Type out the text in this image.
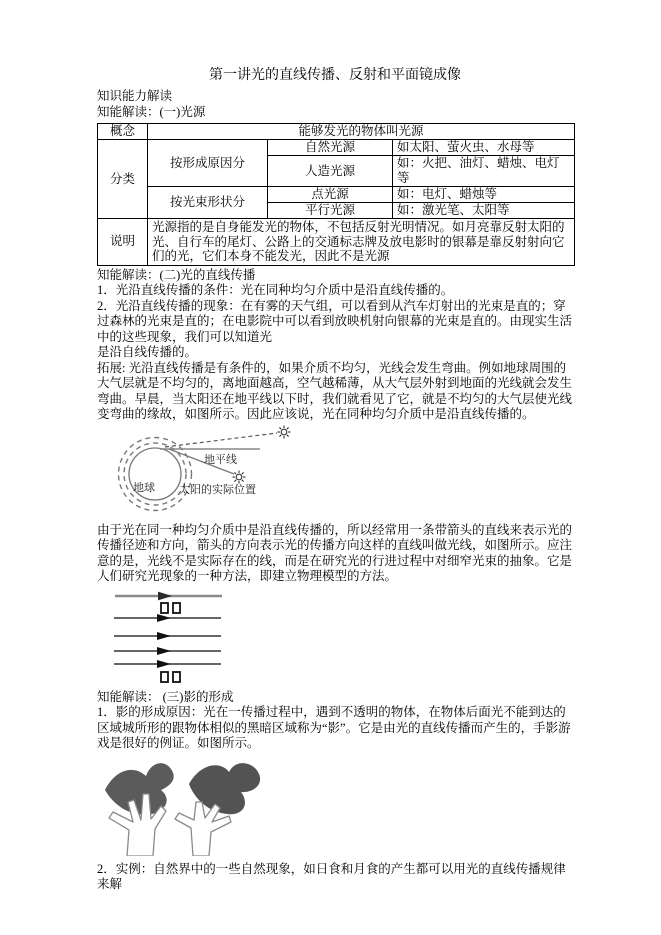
第一讲光的直线传播、反射和平面镜成像

知识能力解读

知能解读：(一)光源

概念	能够发光的物体叫光源		
分类	按形成原因分	自然光源	如太阳、萤火虫、水母等
		人造光源	如：火把、油灯、蜡烛、电灯等
	按光束形状分	点光源	如：电灯、蜡烛等
		平行光源	如：激光笔、太阳等
说明	光源指的是自身能发光的物体，不包括反射光明情况。如月亮靠反射太阳的光、自行车的尾灯、公路上的交通标志牌及放电影时的银幕是靠反射射向它们的光，它们本身不能发光，因此不是光源		

知能解读：(二)光的直线传播

1．光沿直线传播的条件：光在同种均匀介质中是沿直线传播的。

2．光沿直线传播的现象：在有雾的天气组，可以看到从汽车灯射出的光束是直的；穿过森林的光束是直的；在电影院中可以看到放映机射向银幕的光束是直的。由现实生活中的这些现象，我们可以知道光

是沿自线传播的。

拓展: 光沿直线传播是有条件的，如果介质不均匀，光线会发生弯曲。例如地球周围的大气层就是不均匀的，离地面越高，空气越稀薄，从大气层外射到地面的光线就会发生弯曲。早晨，当太阳还在地平线以下时，我们就看见了它，就是不均匀的大气层使光线变弯曲的缘故，如图所示。因此应该说，光在同种均匀介质中是沿直线传播的。

地球
地平线
太阳的实际位置

由于光在同一种均匀介质中是沿直线传播的，所以经常用一条带箭头的直线来表示光的传播径迹和方向，箭头的方向表示光的传播方向这样的直线叫做光线，如图所示。应注意的是，光线不是实际存在的线，而是在研究光的行进过程中对细窄光束的抽象。它是人们研究光现象的一种方法，即建立物理模型的方法。

知能解读： (三)影的形成

1．影的形成原因：光在一传播过程中，遇到不透明的物体，在物体后面光不能到达的区域城所形的跟物体相似的黑暗区域称为“影”。它是由光的直线传播而产生的，手影游戏是很好的例证。如图所示。

2．实例：自然界中的一些自然现象，如日食和月食的产生都可以用光的直线传播规律来解
